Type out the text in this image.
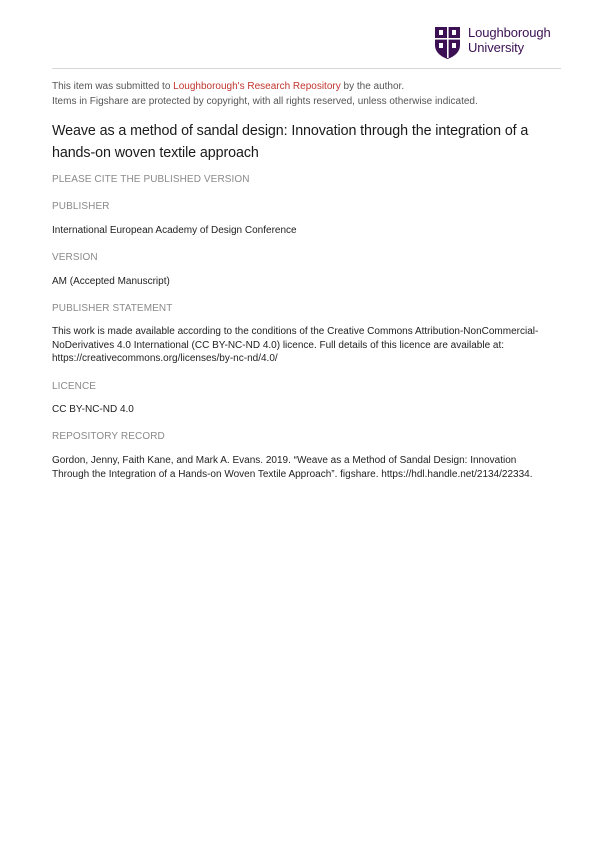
Loughborough
University
This item was submitted to Loughborough's Research Repository by the author.
Items in Figshare are protected by copyright, with all rights reserved, unless otherwise indicated.
Weave as a method of sandal design: Innovation through the integration of a
hands-on woven textile approach
PLEASE CITE THE PUBLISHED VERSION
PUBLISHER
International European Academy of Design Conference
VERSION
AM (Accepted Manuscript)
PUBLISHER STATEMENT
This work is made available according to the conditions of the Creative Commons Attribution-NonCommercial-
NoDerivatives 4.0 International (CC BY-NC-ND 4.0) licence. Full details of this licence are available at:
https://creativecommons.org/licenses/by-nc-nd/4.0/
LICENCE
CC BY-NC-ND 4.0
REPOSITORY RECORD
Gordon, Jenny, Faith Kane, and Mark A. Evans. 2019. “Weave as a Method of Sandal Design: Innovation
Through the Integration of a Hands-on Woven Textile Approach”. figshare. https://hdl.handle.net/2134/22334.
